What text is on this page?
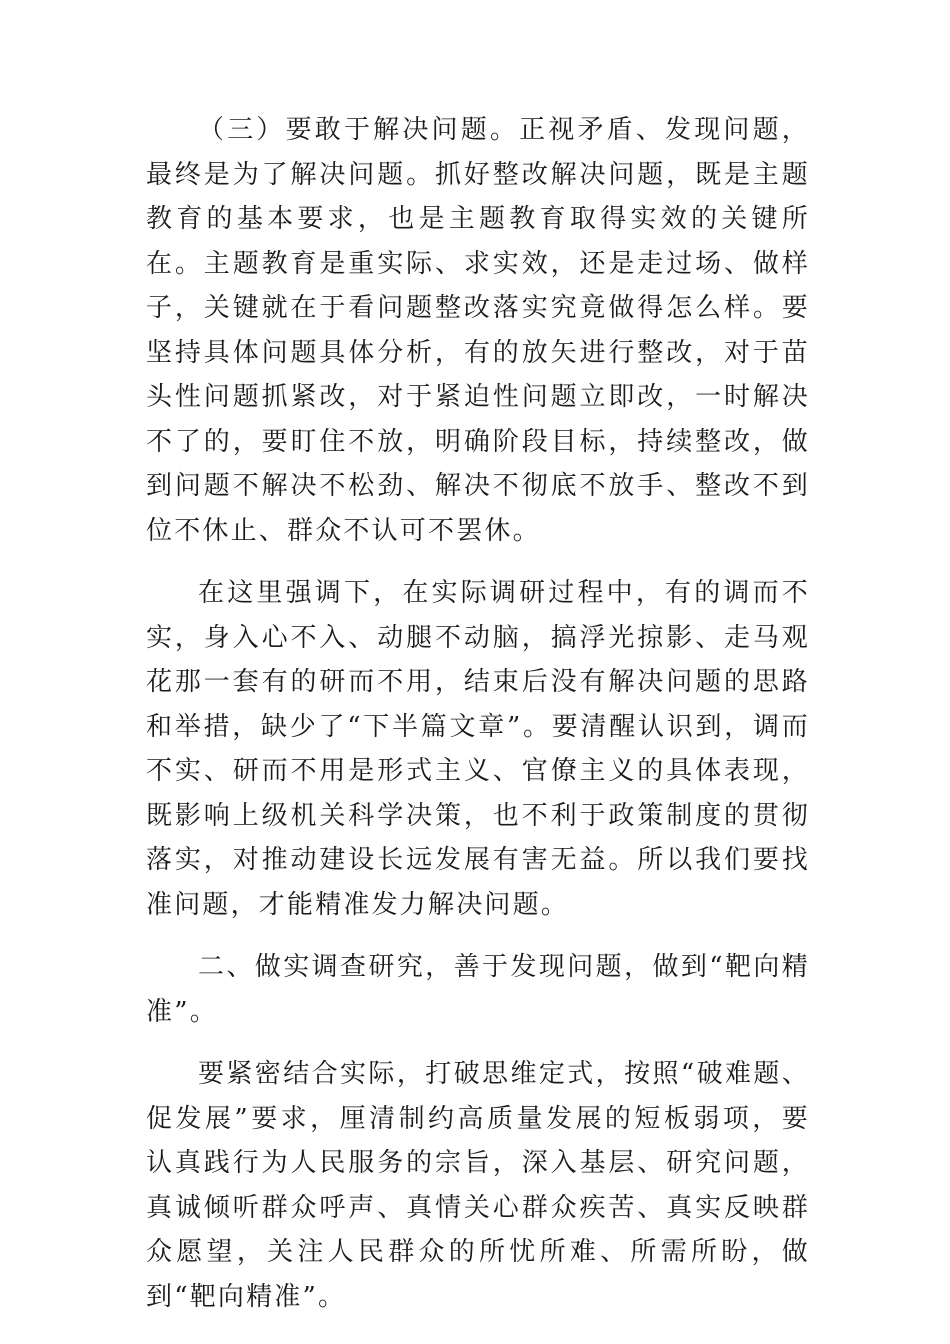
（三）要敢于解决问题。正视矛盾、发现问题，最终是为了解决问题。抓好整改解决问题，既是主题教育的基本要求，也是主题教育取得实效的关键所在。主题教育是重实际、求实效，还是走过场、做样子，关键就在于看问题整改落实究竟做得怎么样。要坚持具体问题具体分析，有的放矢进行整改，对于苗头性问题抓紧改，对于紧迫性问题立即改，一时解决不了的，要盯住不放，明确阶段目标，持续整改，做到问题不解决不松劲、解决不彻底不放手、整改不到位不休止、群众不认可不罢休。

在这里强调下，在实际调研过程中，有的调而不实，身入心不入、动腿不动脑，搞浮光掠影、走马观花那一套有的研而不用，结束后没有解决问题的思路和举措，缺少了“下半篇文章”。要清醒认识到，调而不实、研而不用是形式主义、官僚主义的具体表现，既影响上级机关科学决策，也不利于政策制度的贯彻落实，对推动建设长远发展有害无益。所以我们要找准问题，才能精准发力解决问题。

二、做实调查研究，善于发现问题，做到“靶向精准”。

要紧密结合实际，打破思维定式，按照“破难题、促发展”要求，厘清制约高质量发展的短板弱项，要认真践行为人民服务的宗旨，深入基层、研究问题，真诚倾听群众呼声、真情关心群众疾苦、真实反映群众愿望，关注人民群众的所忧所难、所需所盼，做到“靶向精准”。
